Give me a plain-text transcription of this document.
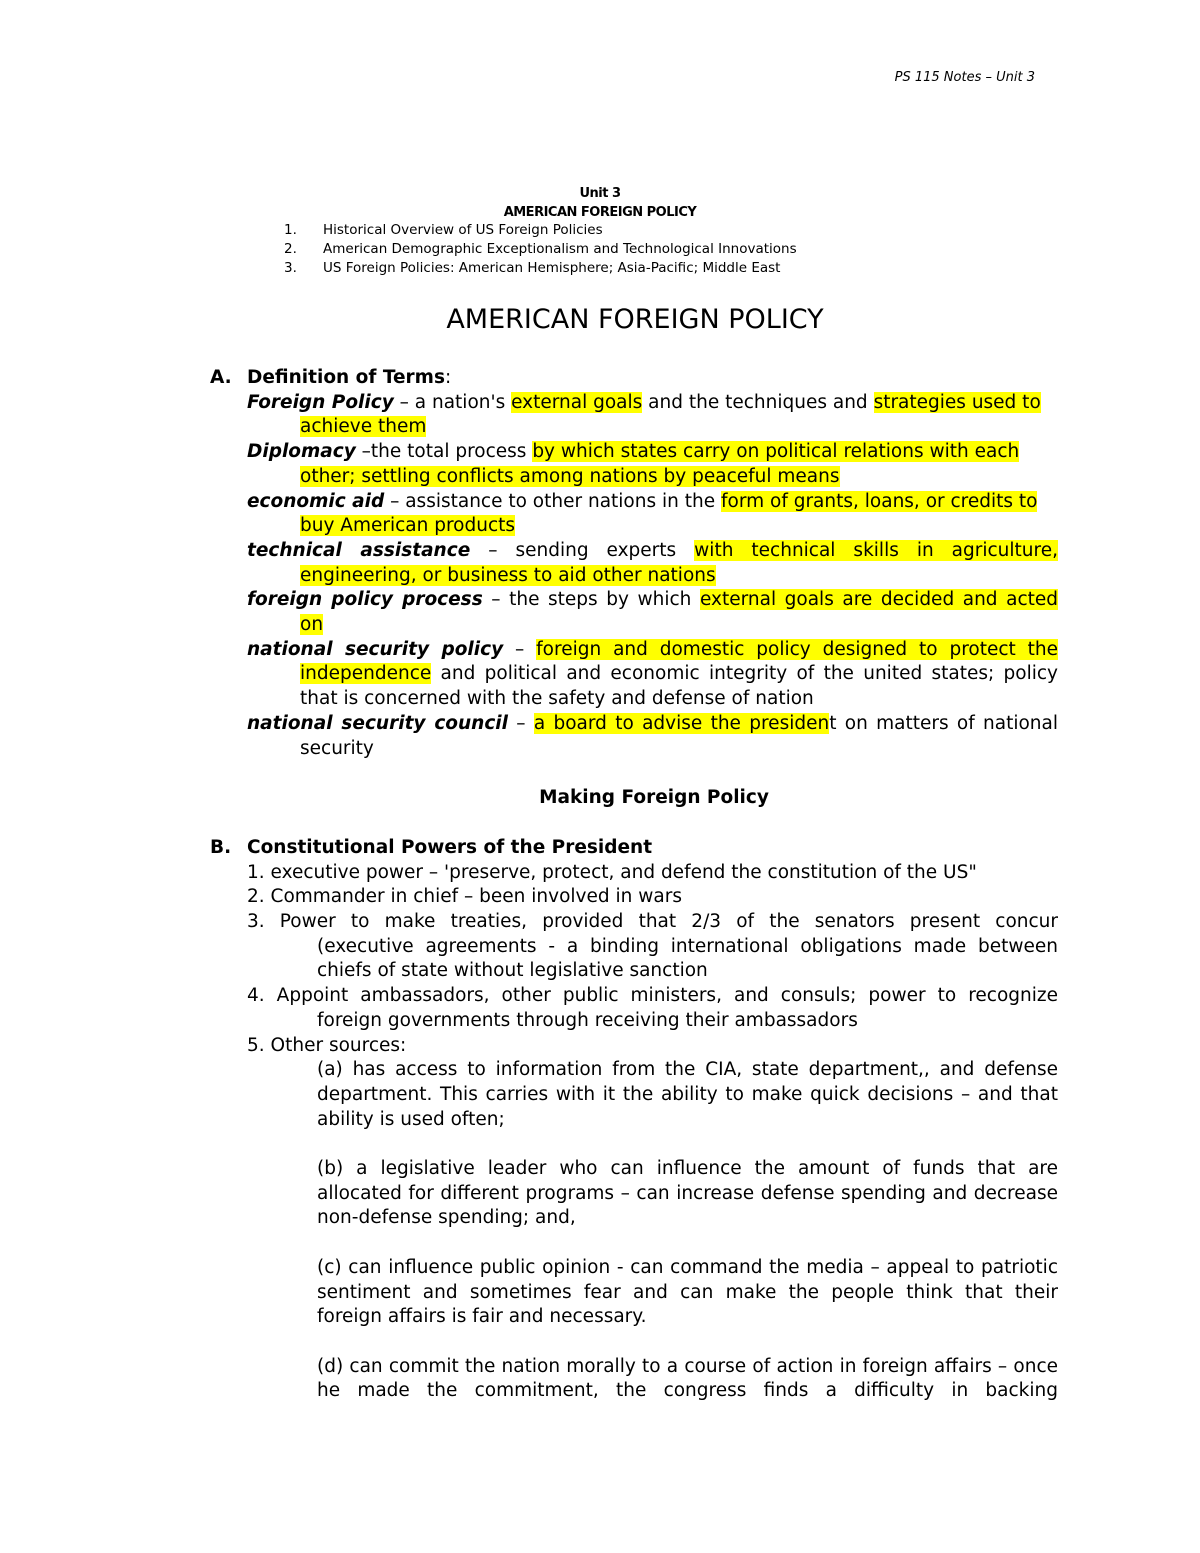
PS 115 Notes – Unit 3
Unit 3
AMERICAN FOREIGN POLICY
1. Historical Overview of US Foreign Policies
2. American Demographic Exceptionalism and Technological Innovations
3. US Foreign Policies: American Hemisphere; Asia-Pacific; Middle East
AMERICAN FOREIGN POLICY
A. Definition of Terms:
Foreign Policy – a nation's external goals and the techniques and strategies used to
achieve them
Diplomacy –the total process by which states carry on political relations with each
other; settling conflicts among nations by peaceful means
economic aid – assistance to other nations in the form of grants, loans, or credits to
buy American products
technical assistance – sending experts with technical skills in agriculture,
engineering, or business to aid other nations
foreign policy process – the steps by which external goals are decided and acted
on
national security policy – foreign and domestic policy designed to protect the
independence and political and economic integrity of the united states; policy that is concerned with the safety and defense of nation
national security council – a board to advise the president on matters of national
security
Making Foreign Policy
B. Constitutional Powers of the President
1. executive power – 'preserve, protect, and defend the constitution of the US"
2. Commander in chief – been involved in wars
3. Power to make treaties, provided that 2/3 of the senators present concur
(executive agreements - a binding international obligations made between chiefs of state without legislative sanction
4. Appoint ambassadors, other public ministers, and consuls; power to recognize
foreign governments through receiving their ambassadors
5. Other sources:
(a) has access to information from the CIA, state department,, and defense department. This carries with it the ability to make quick decisions – and that ability is used often;
(b) a legislative leader who can influence the amount of funds that are allocated for different programs – can increase defense spending and decrease non-defense spending; and,
(c) can influence public opinion - can command the media – appeal to patriotic sentiment and sometimes fear and can make the people think that their foreign affairs is fair and necessary.
(d) can commit the nation morally to a course of action in foreign affairs – once he made the commitment, the congress finds a difficulty in backing
